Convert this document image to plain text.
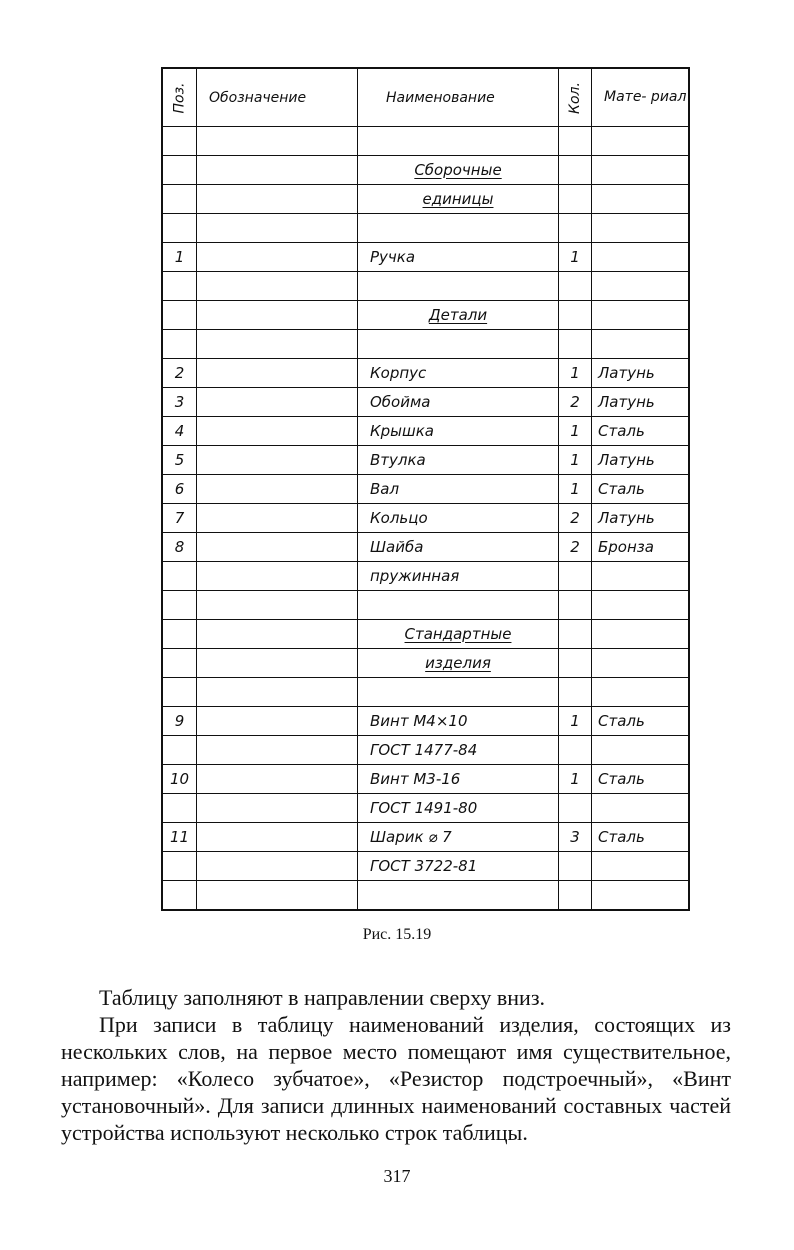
Поз.	Обозначение	Наименование	Кол.	Мате- риал

		Сборочные		
		единицы		

1		Ручка	1	

		Детали		

2		Корпус	1	Латунь
3		Обойма	2	Латунь
4		Крышка	1	Сталь
5		Втулка	1	Латунь
6		Вал	1	Сталь
7		Кольцо	2	Латунь
8		Шайба	2	Бронза
		пружинная		

		Стандартные		
		изделия		

9		Винт М4×10	1	Сталь
		ГОСТ 1477-84		
10		Винт М3-16	1	Сталь
		ГОСТ 1491-80		
11		Шарик ⌀ 7	3	Сталь
		ГОСТ 3722-81		

Рис. 15.19

Таблицу заполняют в направлении сверху вниз.

При записи в таблицу наименований изделия, состоящих из нескольких слов, на первое место помещают имя существительное, например: «Колесо зубчатое», «Резистор подстроечный», «Винт установочный». Для записи длинных наименований составных частей устройства используют несколько строк таблицы.

317
